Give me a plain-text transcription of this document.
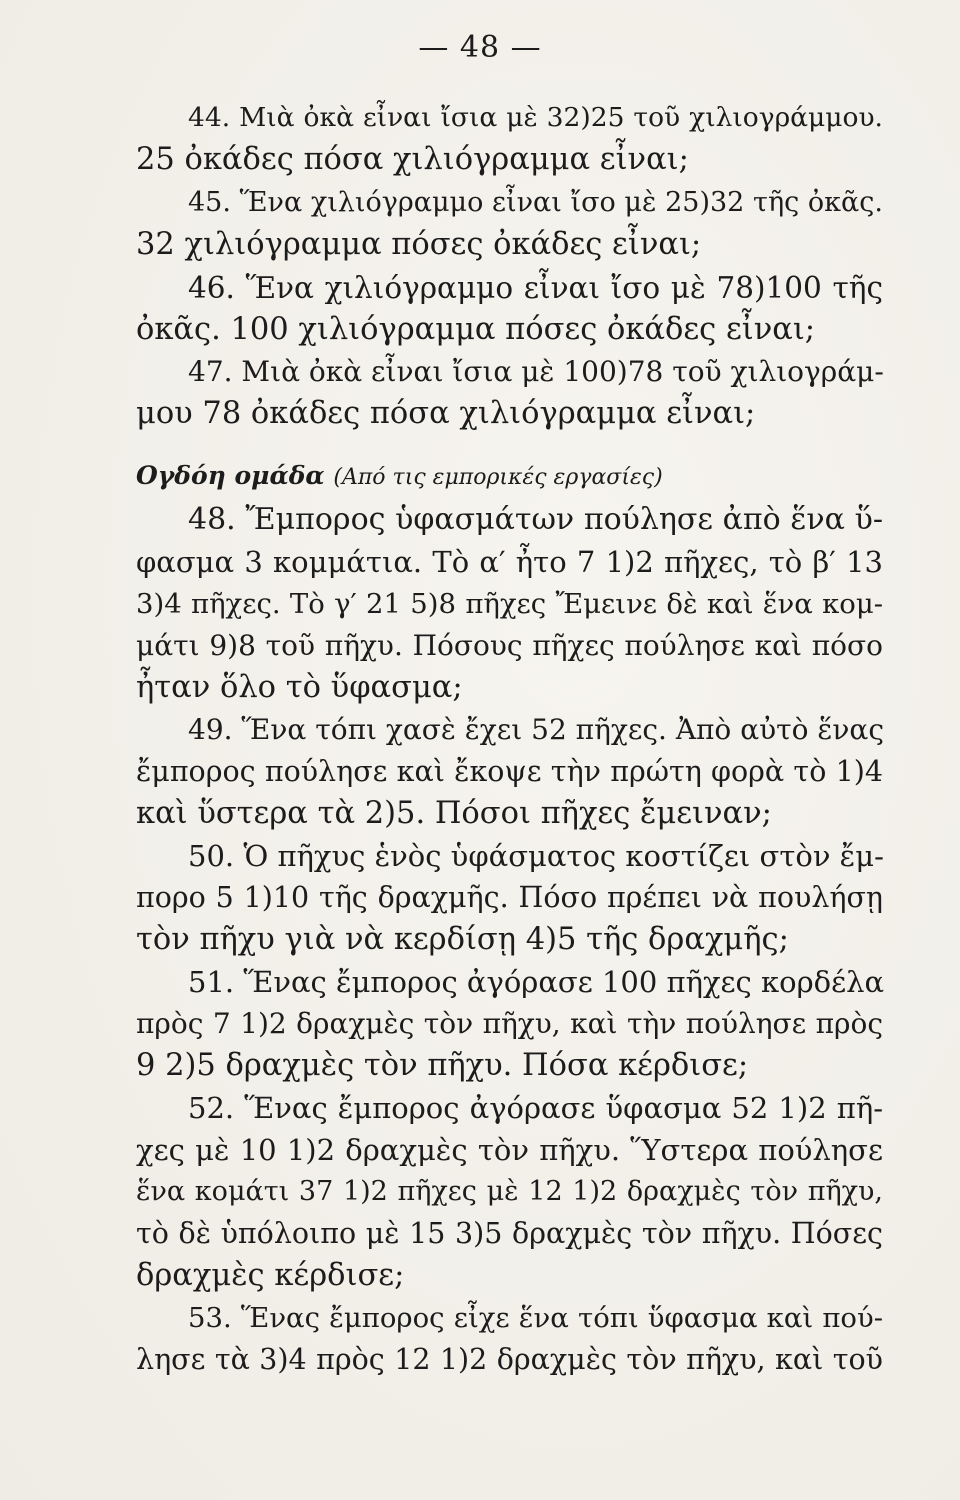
— 48 —
44. Μιὰ ὀκὰ εἶναι ἴσια μὲ 32)25 τοῦ χιλιογράμμου.
25 ὀκάδες πόσα χιλιόγραμμα εἶναι;
45. Ἕνα χιλιόγραμμο εἶναι ἴσο μὲ 25)32 τῆς ὀκᾶς.
32 χιλιόγραμμα πόσες ὀκάδες εἶναι;
46. Ἕνα χιλιόγραμμο εἶναι ἴσο μὲ 78)100 τῆς
ὀκᾶς. 100 χιλιόγραμμα πόσες ὀκάδες εἶναι;
47. Μιὰ ὀκὰ εἶναι ἴσια μὲ 100)78 τοῦ χιλιογράμ-
μου 78 ὀκάδες πόσα χιλιόγραμμα εἶναι;
Ογδόη ομάδα (Από τις εμπορικές εργασίες)
48. Ἔμπορος ὑφασμάτων πούλησε ἀπὸ ἕνα ὕ-
φασμα 3 κομμάτια. Τὸ α′ ἦτο 7 1)2 πῆχες, τὸ β′ 13
3)4 πῆχες. Τὸ γ′ 21 5)8 πῆχες Ἔμεινε δὲ καὶ ἕνα κομ-
μάτι 9)8 τοῦ πῆχυ. Πόσους πῆχες πούλησε καὶ πόσο
ἦταν ὅλο τὸ ὕφασμα;
49. Ἕνα τόπι χασὲ ἔχει 52 πῆχες. Ἀπὸ αὐτὸ ἕνας
ἔμπορος πούλησε καὶ ἔκοψε τὴν πρώτη φορὰ τὸ 1)4
καὶ ὕστερα τὰ 2)5. Πόσοι πῆχες ἔμειναν;
50. Ὁ πῆχυς ἑνὸς ὑφάσματος κοστίζει στὸν ἔμ-
πορο 5 1)10 τῆς δραχμῆς. Πόσο πρέπει νὰ πουλήσῃ
τὸν πῆχυ γιὰ νὰ κερδίσῃ 4)5 τῆς δραχμῆς;
51. Ἕνας ἔμπορος ἀγόρασε 100 πῆχες κορδέλα
πρὸς 7 1)2 δραχμὲς τὸν πῆχυ, καὶ τὴν πούλησε πρὸς
9 2)5 δραχμὲς τὸν πῆχυ. Πόσα κέρδισε;
52. Ἕνας ἔμπορος ἀγόρασε ὕφασμα 52 1)2 πῆ-
χες μὲ 10 1)2 δραχμὲς τὸν πῆχυ. Ὕστερα πούλησε
ἕνα κομάτι 37 1)2 πῆχες μὲ 12 1)2 δραχμὲς τὸν πῆχυ,
τὸ δὲ ὑπόλοιπο μὲ 15 3)5 δραχμὲς τὸν πῆχυ. Πόσες
δραχμὲς κέρδισε;
53. Ἕνας ἔμπορος εἶχε ἕνα τόπι ὕφασμα καὶ πού-
λησε τὰ 3)4 πρὸς 12 1)2 δραχμὲς τὸν πῆχυ, καὶ τοῦ
